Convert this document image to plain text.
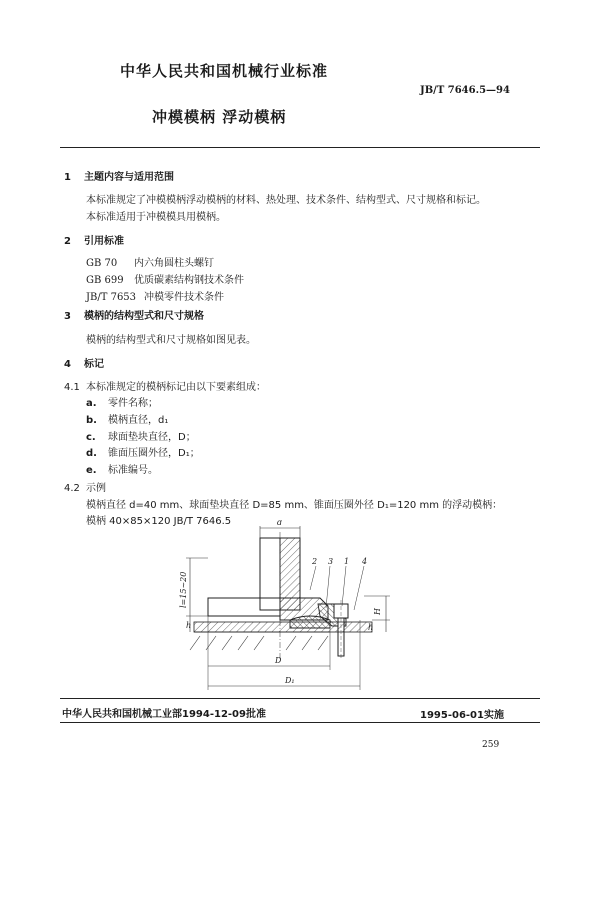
中华人民共和国机械行业标准
JB/T 7646.5—94
冲模模柄 浮动模柄
1 主题内容与适用范围
本标准规定了冲模模柄浮动模柄的材料、热处理、技术条件、结构型式、尺寸规格和标记。
本标准适用于冲模模具用模柄。
2 引用标准
GB 70 内六角圆柱头螺钉
GB 699 优质碳素结构钢技术条件
JB/T 7653 冲模零件技术条件
3 模柄的结构型式和尺寸规格
模柄的结构型式和尺寸规格如图见表。
4 标记
4.1 本标准规定的模柄标记由以下要素组成：
a. 零件名称；
b. 模柄直径，d₁
c. 球面垫块直径，D；
d. 锥面压圈外径，D₁；
e. 标准编号。
4.2 示例
模柄直径 d=40 mm、球面垫块直径 D=85 mm、锥面压圈外径 D₁=120 mm 的浮动模柄：
模柄 40×85×120 JB/T 7646.5	d
l=15~20
h
H
h
2 3 1 4
D
D₁
中华人民共和国机械工业部1994-12-09批准	1995-06-01实施
259
